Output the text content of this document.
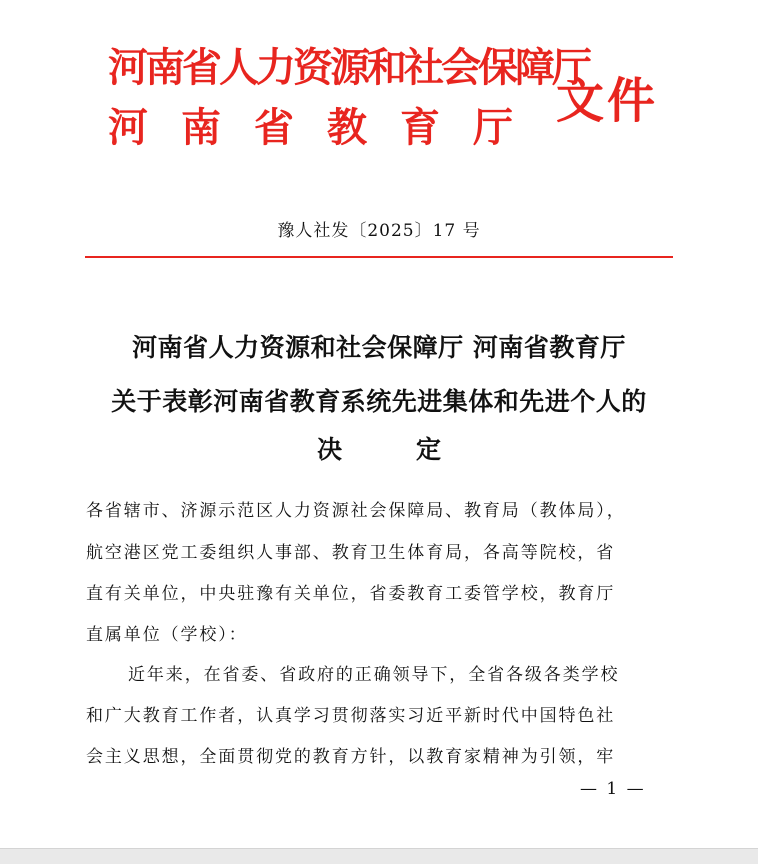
河南省人力资源和社会保障厅
河南省教育厅 文件
豫人社发〔2025〕17 号
河南省人力资源和社会保障厅 河南省教育厅
关于表彰河南省教育系统先进集体和先进个人的
决定
各省辖市、济源示范区人力资源社会保障局、教育局（教体局），
航空港区党工委组织人事部、教育卫生体育局，各高等院校，省
直有关单位，中央驻豫有关单位，省委教育工委管学校，教育厅
直属单位（学校）：
近年来，在省委、省政府的正确领导下，全省各级各类学校
和广大教育工作者，认真学习贯彻落实习近平新时代中国特色社
会主义思想，全面贯彻党的教育方针，以教育家精神为引领，牢
— 1 —
